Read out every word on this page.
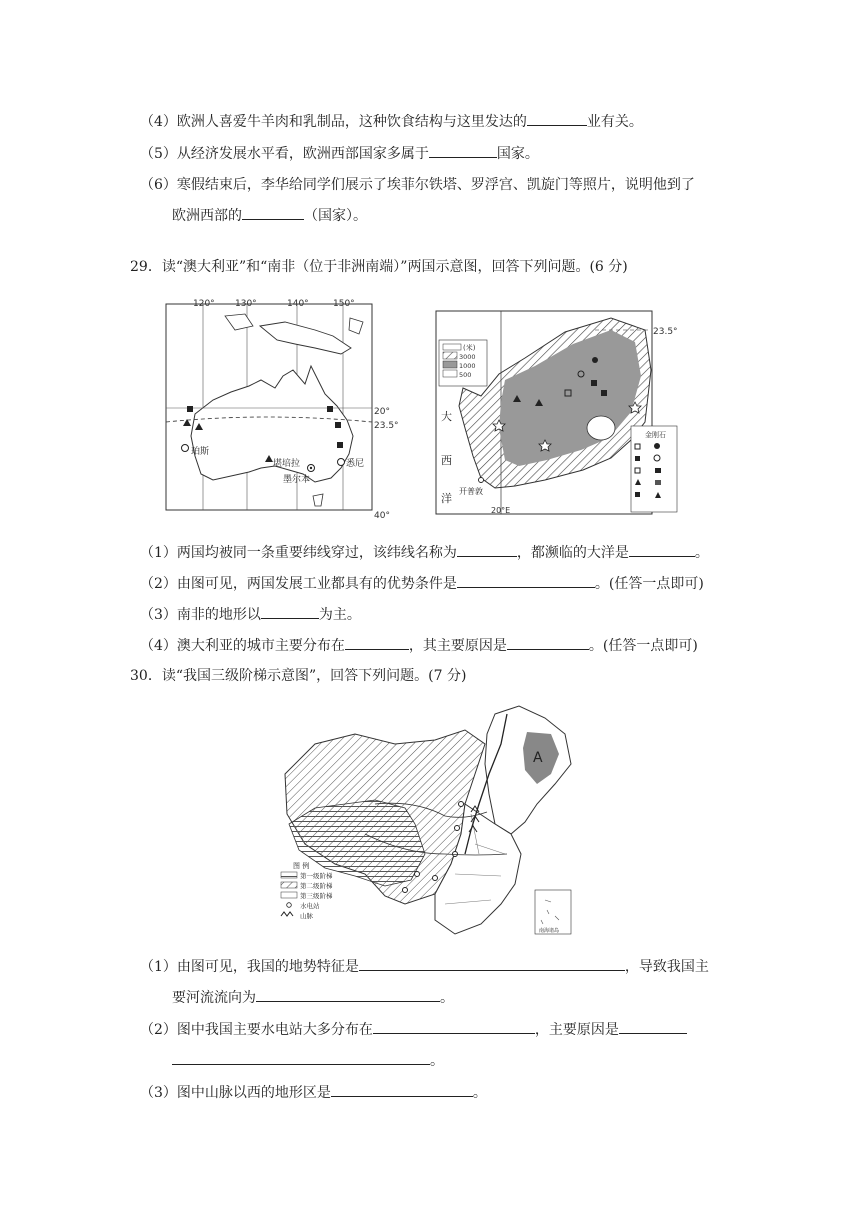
（4）欧洲人喜爱牛羊肉和乳制品，这种饮食结构与这里发达的	业有关。
（5）从经济发展水平看，欧洲西部国家多属于	国家。
（6）寒假结束后，李华给同学们展示了埃菲尔铁塔、罗浮宫、凯旋门等照片，说明他到了
欧洲西部的	（国家）。
29．读“澳大利亚”和“南非（位于非洲南端）”两国示意图，回答下列问题。(6 分)
120° 130°	140°	150°
20°
23.5°
40°
珀斯
堪培拉	悉尼
墨尔本
23.5°
20°E
(米)
3000
1000
500
大
西
洋
开普敦
金刚石
（1）两国均被同一条重要纬线穿过，该纬线名称为	，都濒临的大洋是	。
（2）由图可见，两国发展工业都具有的优势条件是	。(任答一点即可)
（3）南非的地形以	为主。
（4）澳大利亚的城市主要分布在	，其主要原因是	。(任答一点即可)
30．读“我国三级阶梯示意图”，回答下列问题。(7 分)
A
图 例
第一级阶梯
第二级阶梯
第三级阶梯
水电站
山脉
南海诸岛
（1）由图可见，我国的地势特征是	，导致我国主
要河流流向为	。
（2）图中我国主要水电站大多分布在	，主要原因是
。
（3）图中山脉以西的地形区是	。
